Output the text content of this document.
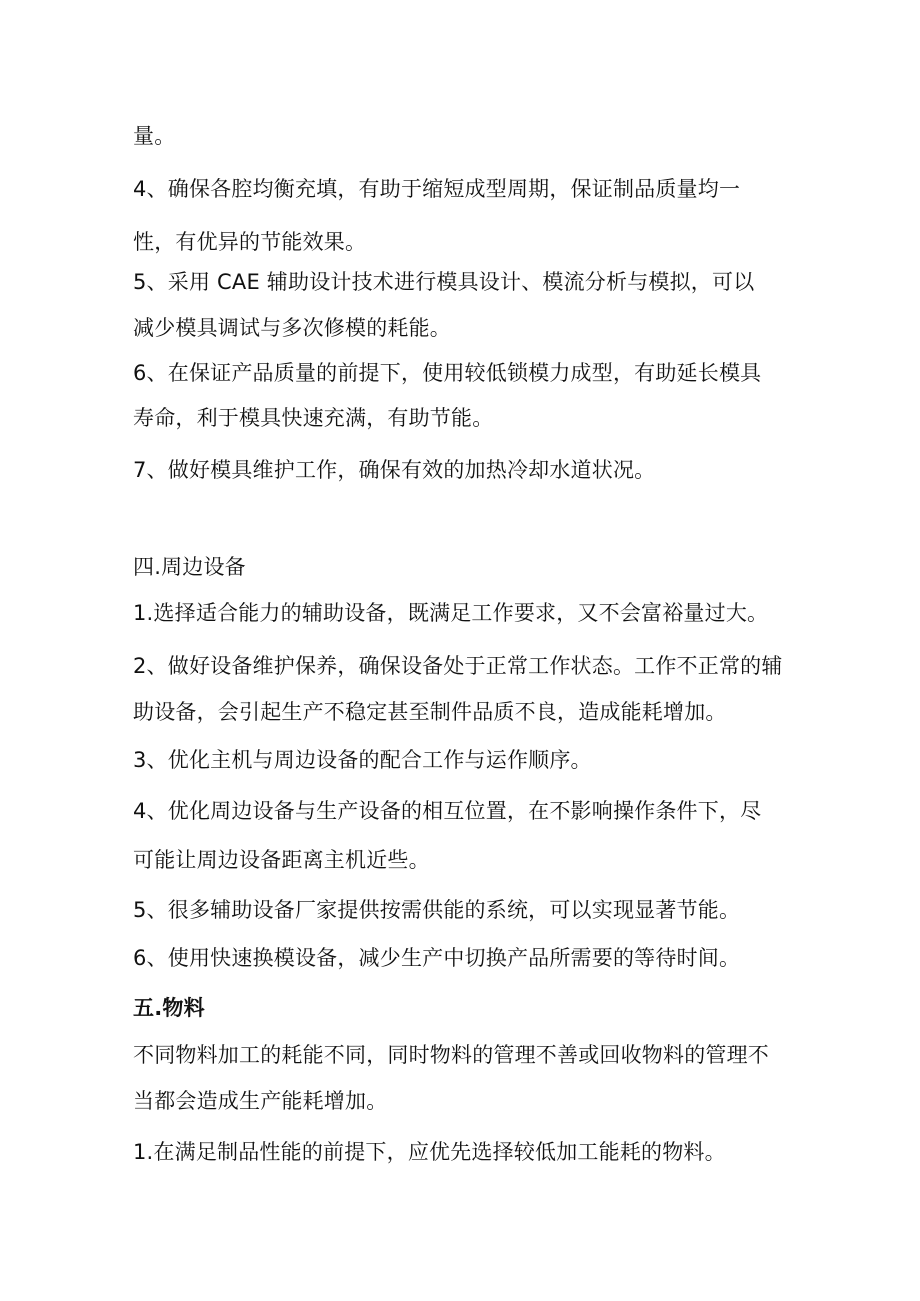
量。
4、确保各腔均衡充填，有助于缩短成型周期，保证制品质量均一
性，有优异的节能效果。
5、采用 CAE 辅助设计技术进行模具设计、模流分析与模拟，可以
减少模具调试与多次修模的耗能。
6、在保证产品质量的前提下，使用较低锁模力成型，有助延长模具
寿命，利于模具快速充满，有助节能。
7、做好模具维护工作，确保有效的加热冷却水道状况。
四.周边设备
1.选择适合能力的辅助设备，既满足工作要求，又不会富裕量过大。
2、做好设备维护保养，确保设备处于正常工作状态。工作不正常的辅
助设备，会引起生产不稳定甚至制件品质不良，造成能耗增加。
3、优化主机与周边设备的配合工作与运作顺序。
4、优化周边设备与生产设备的相互位置，在不影响操作条件下，尽
可能让周边设备距离主机近些。
5、很多辅助设备厂家提供按需供能的系统，可以实现显著节能。
6、使用快速换模设备，减少生产中切换产品所需要的等待时间。
五.物料
不同物料加工的耗能不同，同时物料的管理不善或回收物料的管理不
当都会造成生产能耗增加。
1.在满足制品性能的前提下，应优先选择较低加工能耗的物料。
